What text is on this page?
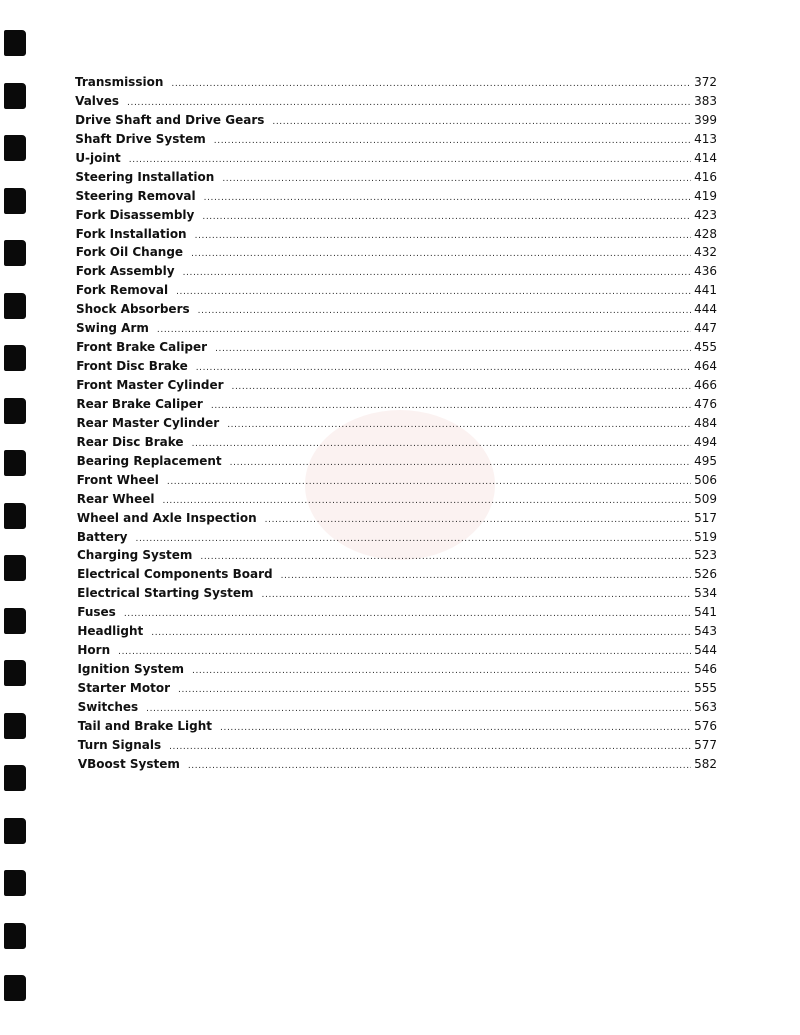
Transmission .....	372
Valves .....	383
Drive Shaft and Drive Gears .....	399
Shaft Drive System .....	413
U-joint .....	414
Steering Installation .....	416
Steering Removal .....	419
Fork Disassembly .....	423
Fork Installation .....	428
Fork Oil Change .....	432
Fork Assembly .....	436
Fork Removal .....	441
Shock Absorbers .....	444
Swing Arm .....	447
Front Brake Caliper .....	455
Front Disc Brake .....	464
Front Master Cylinder .....	466
Rear Brake Caliper .....	476
Rear Master Cylinder .....	484
Rear Disc Brake .....	494
Bearing Replacement .....	495
Front Wheel .....	506
Rear Wheel .....	509
Wheel and Axle Inspection .....	517
Battery .....	519
Charging System .....	523
Electrical Components Board .....	526
Electrical Starting System .....	534
Fuses .....	541
Headlight .....	543
Horn .....	544
Ignition System .....	546
Starter Motor .....	555
Switches .....	563
Tail and Brake Light .....	576
Turn Signals .....	577
VBoost System .....	582
